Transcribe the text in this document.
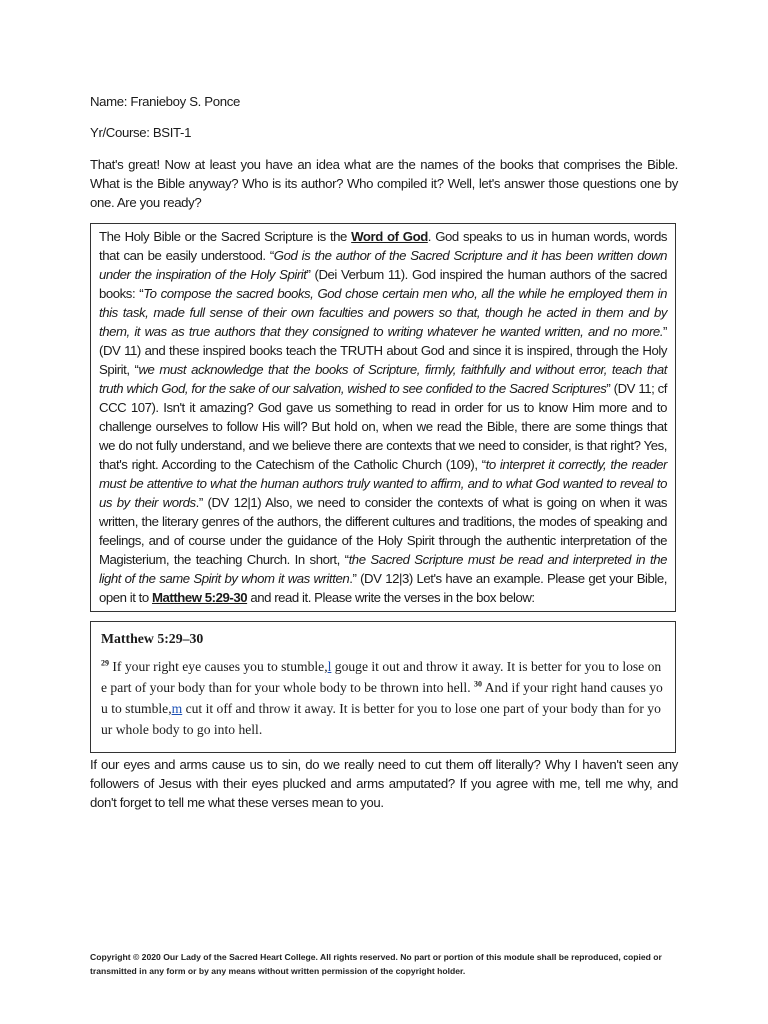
Name: Franieboy S. Ponce
Yr/Course: BSIT-1
That's great! Now at least you have an idea what are the names of the books that comprises the Bible. What is the Bible anyway? Who is its author? Who compiled it? Well, let's answer those questions one by one. Are you ready?
The Holy Bible or the Sacred Scripture is the Word of God. God speaks to us in human words, words that can be easily understood. “God is the author of the Sacred Scripture and it has been written down under the inspiration of the Holy Spirit” (Dei Verbum 11). God inspired the human authors of the sacred books: “To compose the sacred books, God chose certain men who, all the while he employed them in this task, made full sense of their own faculties and powers so that, though he acted in them and by them, it was as true authors that they consigned to writing whatever he wanted written, and no more.” (DV 11) and these inspired books teach the TRUTH about God and since it is inspired, through the Holy Spirit, “we must acknowledge that the books of Scripture, firmly, faithfully and without error, teach that truth which God, for the sake of our salvation, wished to see confided to the Sacred Scriptures” (DV 11; cf CCC 107). Isn't it amazing? God gave us something to read in order for us to know Him more and to challenge ourselves to follow His will? But hold on, when we read the Bible, there are some things that we do not fully understand, and we believe there are contexts that we need to consider, is that right? Yes, that's right. According to the Catechism of the Catholic Church (109), “to interpret it correctly, the reader must be attentive to what the human authors truly wanted to affirm, and to what God wanted to reveal to us by their words.” (DV 12|1) Also, we need to consider the contexts of what is going on when it was written, the literary genres of the authors, the different cultures and traditions, the modes of speaking and feelings, and of course under the guidance of the Holy Spirit through the authentic interpretation of the Magisterium, the teaching Church. In short, “the Sacred Scripture must be read and interpreted in the light of the same Spirit by whom it was written.” (DV 12|3) Let's have an example. Please get your Bible, open it to Matthew 5:29-30 and read it. Please write the verses in the box below:
Matthew 5:29–30
$^{29}$ If your right eye causes you to stumble,l gouge it out and throw it away. It is better for you to lose one part of your body than for your whole body to be thrown into hell. $^{30}$ And if your right hand causes you to stumble,m cut it off and throw it away. It is better for you to lose one part of your body than for your whole body to go into hell.
If our eyes and arms cause us to sin, do we really need to cut them off literally? Why I haven't seen any followers of Jesus with their eyes plucked and arms amputated? If you agree with me, tell me why, and don't forget to tell me what these verses mean to you.
Copyright © 2020 Our Lady of the Sacred Heart College. All rights reserved. No part or portion of this module shall be reproduced, copied or transmitted in any form or by any means without written permission of the copyright holder.
